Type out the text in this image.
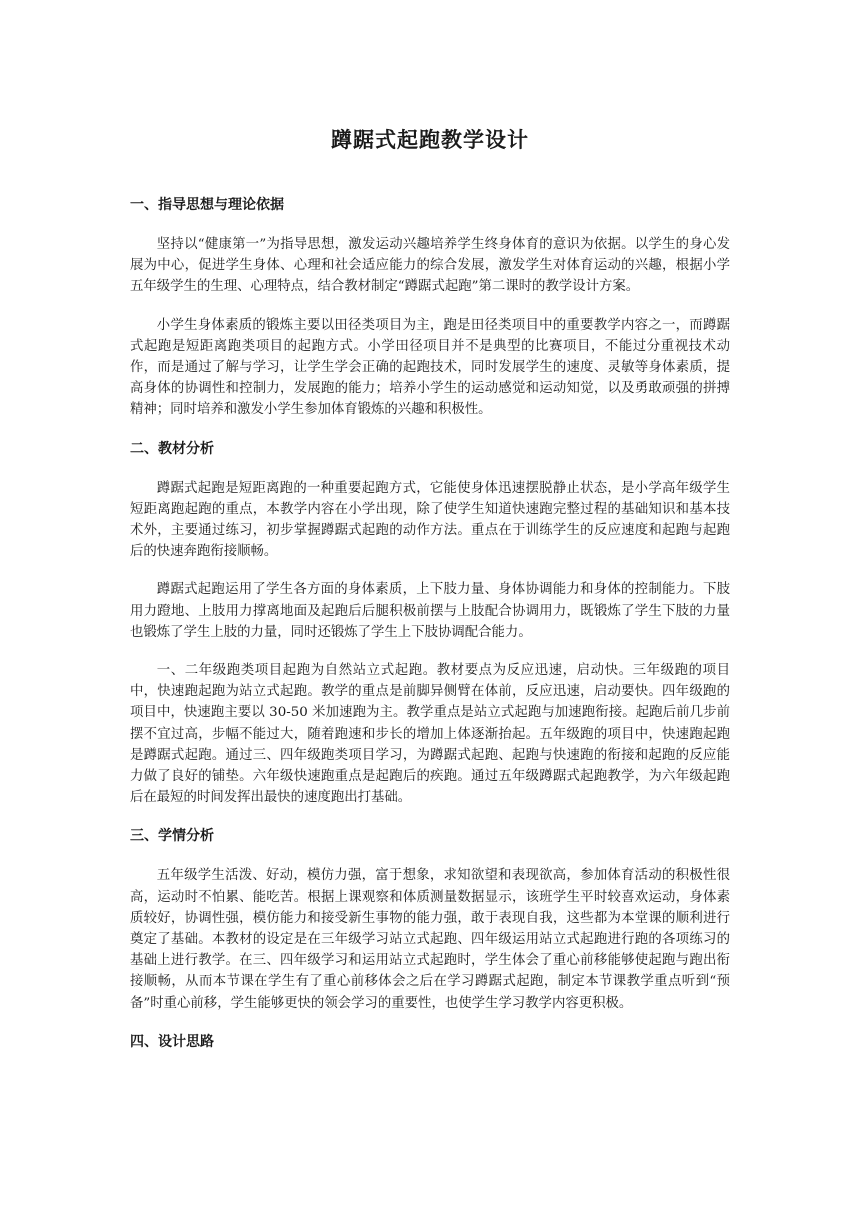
蹲踞式起跑教学设计
一、指导思想与理论依据

坚持以“健康第一”为指导思想，激发运动兴趣培养学生终身体育的意识为依据。以学生的身心发展为中心，促进学生身体、心理和社会适应能力的综合发展，激发学生对体育运动的兴趣，根据小学五年级学生的生理、心理特点，结合教材制定“蹲踞式起跑”第二课时的教学设计方案。

小学生身体素质的锻炼主要以田径类项目为主，跑是田径类项目中的重要教学内容之一，而蹲踞式起跑是短距离跑类项目的起跑方式。小学田径项目并不是典型的比赛项目，不能过分重视技术动作，而是通过了解与学习，让学生学会正确的起跑技术，同时发展学生的速度、灵敏等身体素质，提高身体的协调性和控制力，发展跑的能力；培养小学生的运动感觉和运动知觉，以及勇敢顽强的拼搏精神；同时培养和激发小学生参加体育锻炼的兴趣和积极性。

二、教材分析

蹲踞式起跑是短距离跑的一种重要起跑方式，它能使身体迅速摆脱静止状态，是小学高年级学生短距离跑起跑的重点，本教学内容在小学出现，除了使学生知道快速跑完整过程的基础知识和基本技术外，主要通过练习，初步掌握蹲踞式起跑的动作方法。重点在于训练学生的反应速度和起跑与起跑后的快速奔跑衔接顺畅。

蹲踞式起跑运用了学生各方面的身体素质，上下肢力量、身体协调能力和身体的控制能力。下肢用力蹬地、上肢用力撑离地面及起跑后后腿积极前摆与上肢配合协调用力，既锻炼了学生下肢的力量也锻炼了学生上肢的力量，同时还锻炼了学生上下肢协调配合能力。

一、二年级跑类项目起跑为自然站立式起跑。教材要点为反应迅速，启动快。三年级跑的项目中，快速跑起跑为站立式起跑。教学的重点是前脚异侧臂在体前，反应迅速，启动要快。四年级跑的项目中，快速跑主要以 30-50 米加速跑为主。教学重点是站立式起跑与加速跑衔接。起跑后前几步前摆不宜过高，步幅不能过大，随着跑速和步长的增加上体逐渐抬起。五年级跑的项目中，快速跑起跑是蹲踞式起跑。通过三、四年级跑类项目学习，为蹲踞式起跑、起跑与快速跑的衔接和起跑的反应能力做了良好的铺垫。六年级快速跑重点是起跑后的疾跑。通过五年级蹲踞式起跑教学，为六年级起跑后在最短的时间发挥出最快的速度跑出打基础。

三、学情分析

五年级学生活泼、好动，模仿力强，富于想象，求知欲望和表现欲高，参加体育活动的积极性很高，运动时不怕累、能吃苦。根据上课观察和体质测量数据显示，该班学生平时较喜欢运动，身体素质较好，协调性强，模仿能力和接受新生事物的能力强，敢于表现自我，这些都为本堂课的顺利进行奠定了基础。本教材的设定是在三年级学习站立式起跑、四年级运用站立式起跑进行跑的各项练习的基础上进行教学。在三、四年级学习和运用站立式起跑时，学生体会了重心前移能够使起跑与跑出衔接顺畅，从而本节课在学生有了重心前移体会之后在学习蹲踞式起跑，制定本节课教学重点听到“预备”时重心前移，学生能够更快的领会学习的重要性，也使学生学习教学内容更积极。

四、设计思路
